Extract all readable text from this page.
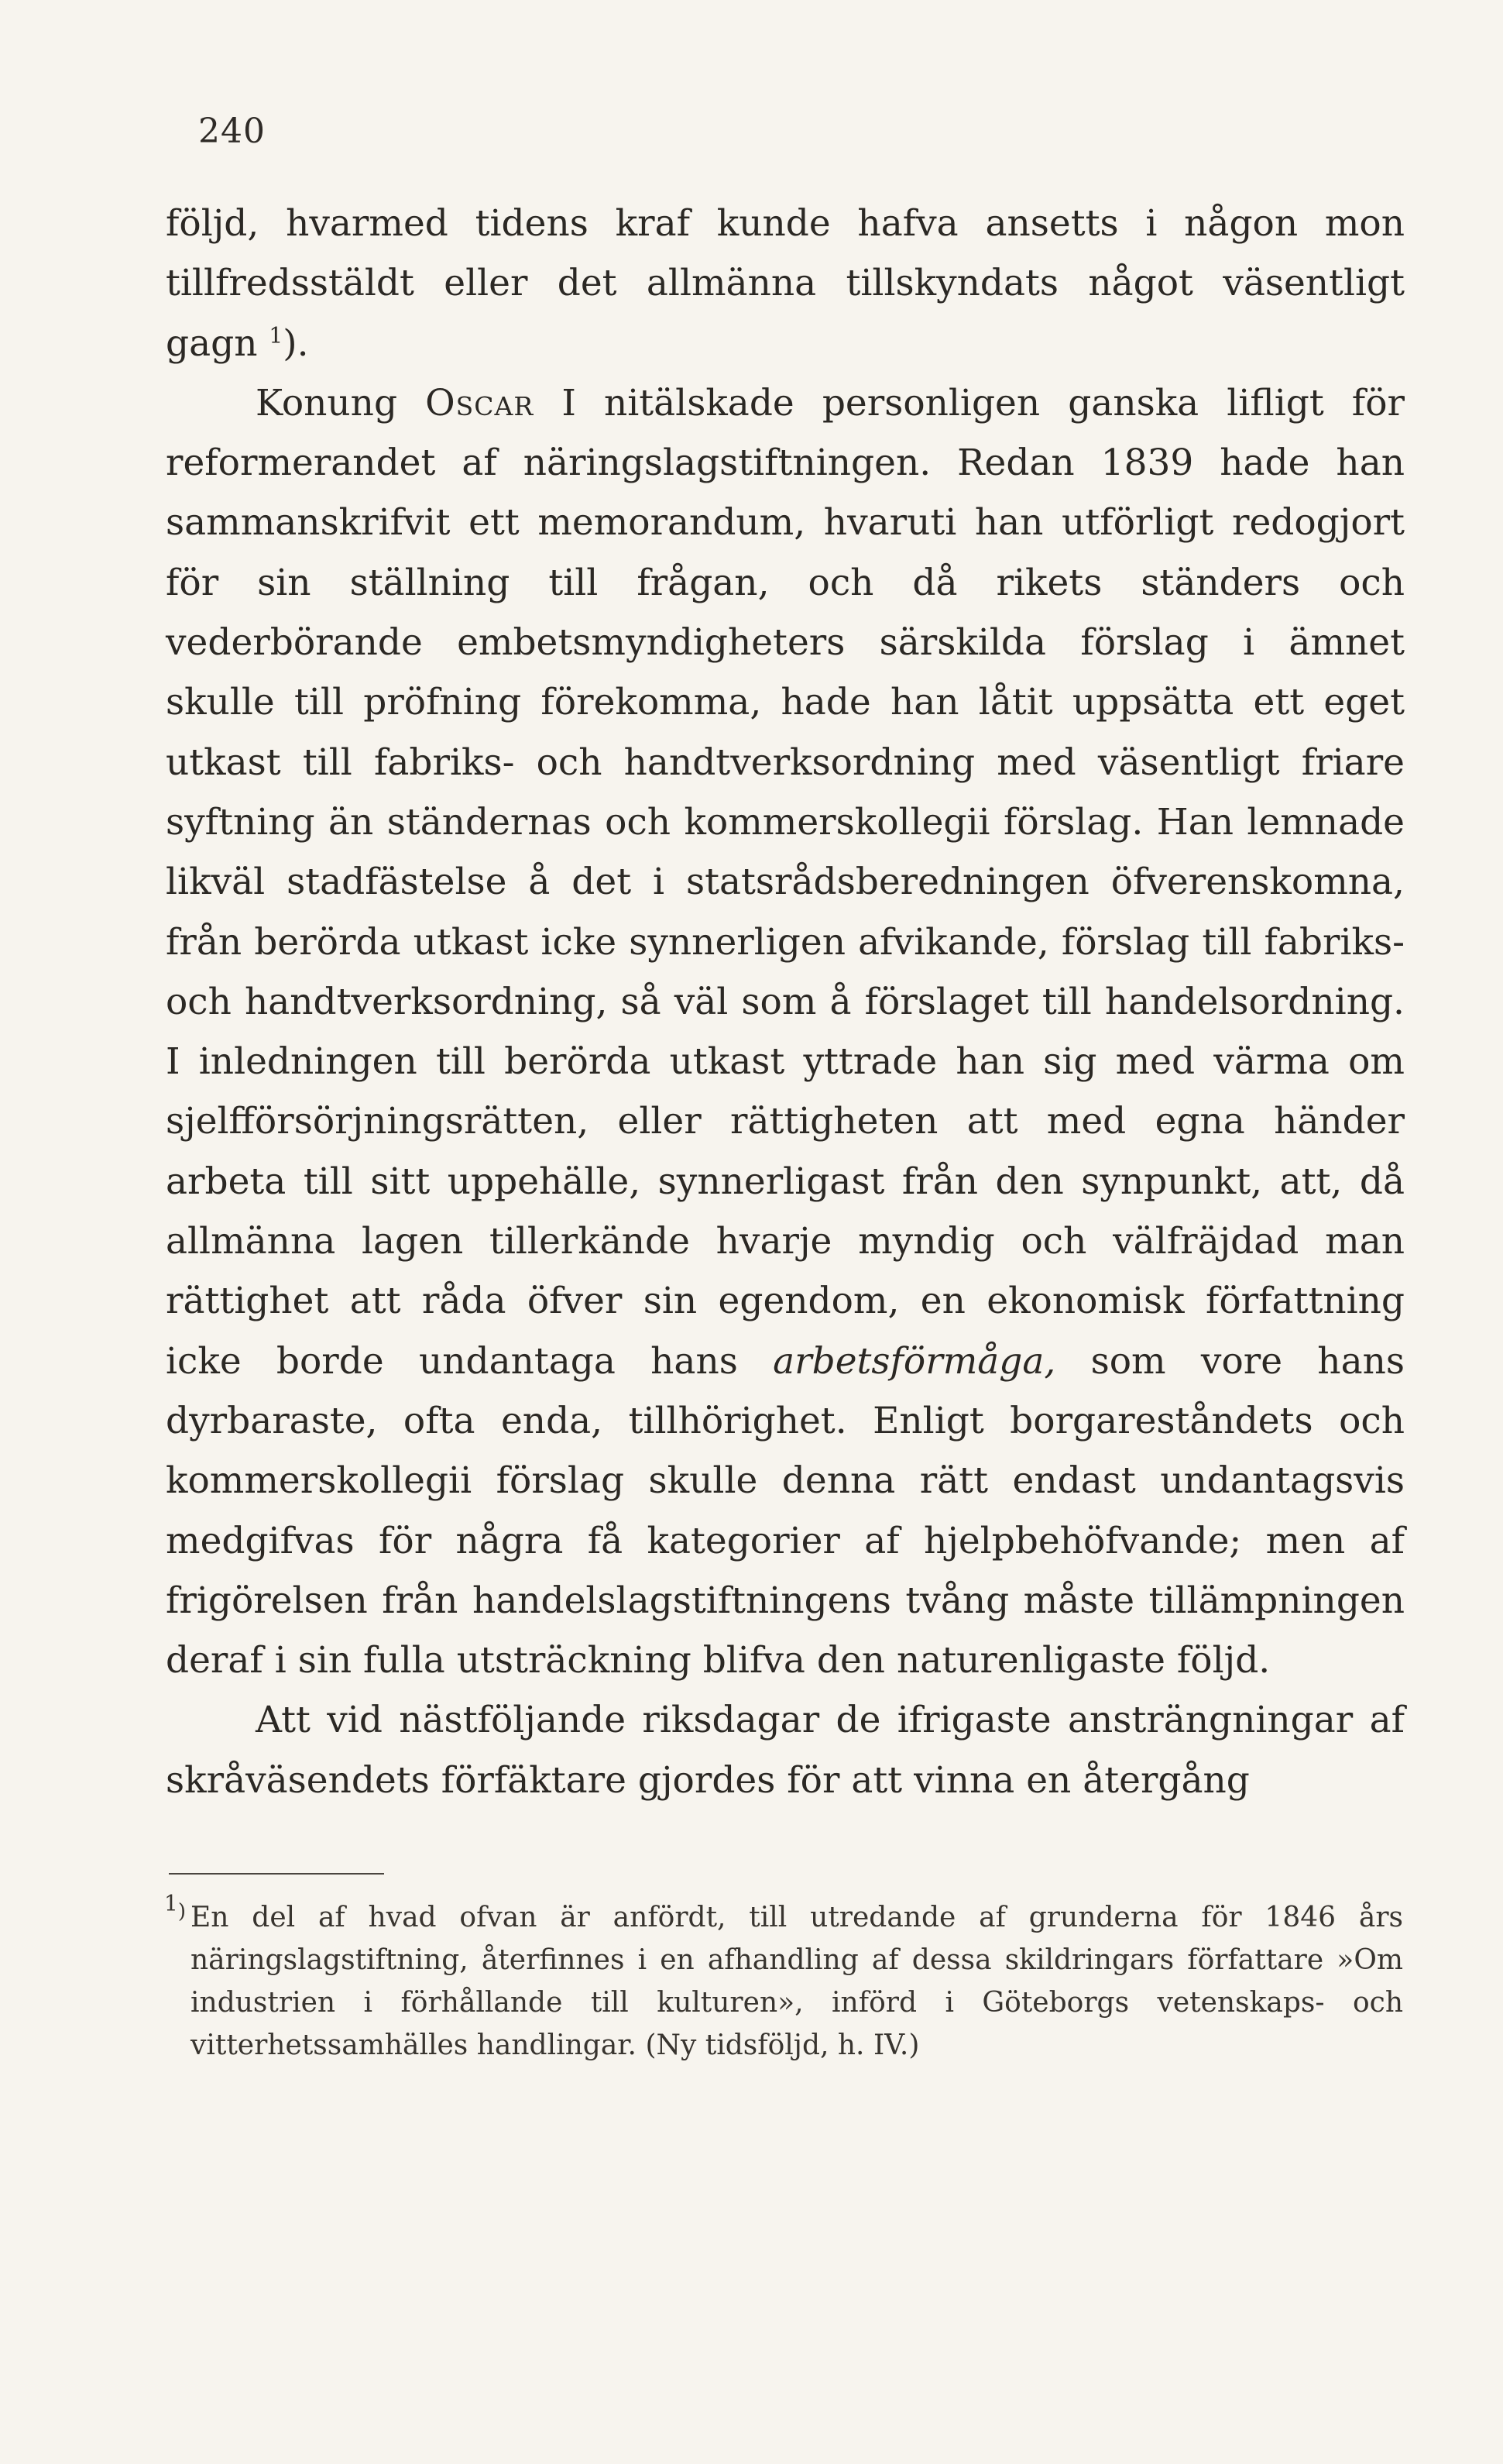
240

följd, hvarmed tidens kraf kunde hafva ansetts i någon mon tillfredsstäldt eller det allmänna tillskyndats något väsentligt gagn $^1$).

Konung Oscar I nitälskade personligen ganska lifligt för reformerandet af näringslagstiftningen. Redan 1839 hade han sammanskrifvit ett memorandum, hvaruti han utförligt redogjort för sin ställning till frågan, och då rikets ständers och vederbörande embetsmyndigheters särskilda förslag i ämnet skulle till pröfning förekomma, hade han låtit uppsätta ett eget utkast till fabriks- och handtverksordning med väsentligt friare syftning än ständernas och kommerskollegii förslag. Han lemnade likväl stadfästelse å det i statsrådsberedningen öfverenskomna, från berörda utkast icke synnerligen afvikande, förslag till fabriks- och handtverksordning, så väl som å förslaget till handelsordning. I inledningen till berörda utkast yttrade han sig med värma om sjelfförsörjningsrätten, eller rättigheten att med egna händer arbeta till sitt uppehälle, synnerligast från den synpunkt, att, då allmänna lagen tillerkände hvarje myndig och välfräjdad man rättighet att råda öfver sin egendom, en ekonomisk författning icke borde undantaga hans arbetsförmåga, som vore hans dyrbaraste, ofta enda, tillhörighet. Enligt borgareståndets och kommerskollegii förslag skulle denna rätt endast undantagsvis medgifvas för några få kategorier af hjelpbehöfvande; men af frigörelsen från handelslagstiftningens tvång måste tillämpningen deraf i sin fulla utsträckning blifva den naturenligaste följd.

Att vid nästföljande riksdagar de ifrigaste ansträngningar af skråväsendets förfäktare gjordes för att vinna en återgång

$^1$) En del af hvad ofvan är anfördt, till utredande af grunderna för 1846 års näringslagstiftning, återfinnes i en afhandling af dessa skildringars författare »Om industrien i förhållande till kulturen», införd i Göteborgs vetenskaps- och vitterhetssamhälles handlingar. (Ny tidsföljd, h. IV.)
